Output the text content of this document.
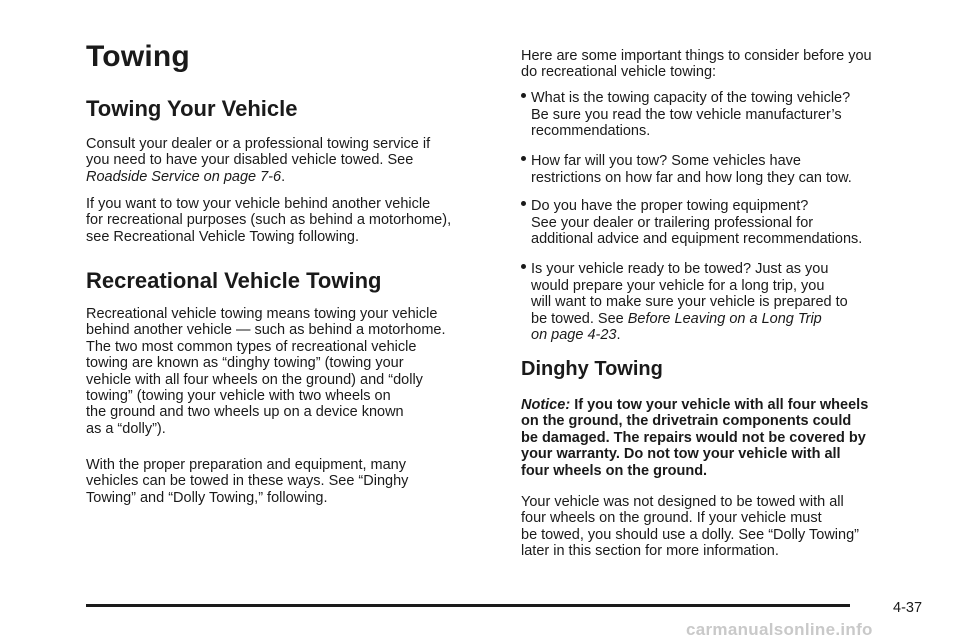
Towing
Towing Your Vehicle

Consult your dealer or a professional towing service if
you need to have your disabled vehicle towed. See
Roadside Service on page 7-6.

If you want to tow your vehicle behind another vehicle
for recreational purposes (such as behind a motorhome),
see Recreational Vehicle Towing following.

Recreational Vehicle Towing

Recreational vehicle towing means towing your vehicle
behind another vehicle — such as behind a motorhome.
The two most common types of recreational vehicle
towing are known as “dinghy towing” (towing your
vehicle with all four wheels on the ground) and “dolly
towing” (towing your vehicle with two wheels on
the ground and two wheels up on a device known
as a “dolly”).

With the proper preparation and equipment, many
vehicles can be towed in these ways. See “Dinghy
Towing” and “Dolly Towing,” following.

Here are some important things to consider before you
do recreational vehicle towing:

What is the towing capacity of the towing vehicle?
Be sure you read the tow vehicle manufacturer’s
recommendations.

How far will you tow? Some vehicles have
restrictions on how far and how long they can tow.

Do you have the proper towing equipment?
See your dealer or trailering professional for
additional advice and equipment recommendations.

Is your vehicle ready to be towed? Just as you
would prepare your vehicle for a long trip, you
will want to make sure your vehicle is prepared to
be towed. See Before Leaving on a Long Trip
on page 4-23.

Dinghy Towing

Notice: If you tow your vehicle with all four wheels
on the ground, the drivetrain components could
be damaged. The repairs would not be covered by
your warranty. Do not tow your vehicle with all
four wheels on the ground.

Your vehicle was not designed to be towed with all
four wheels on the ground. If your vehicle must
be towed, you should use a dolly. See “Dolly Towing”
later in this section for more information.

4-37
carmanualsonline.info
